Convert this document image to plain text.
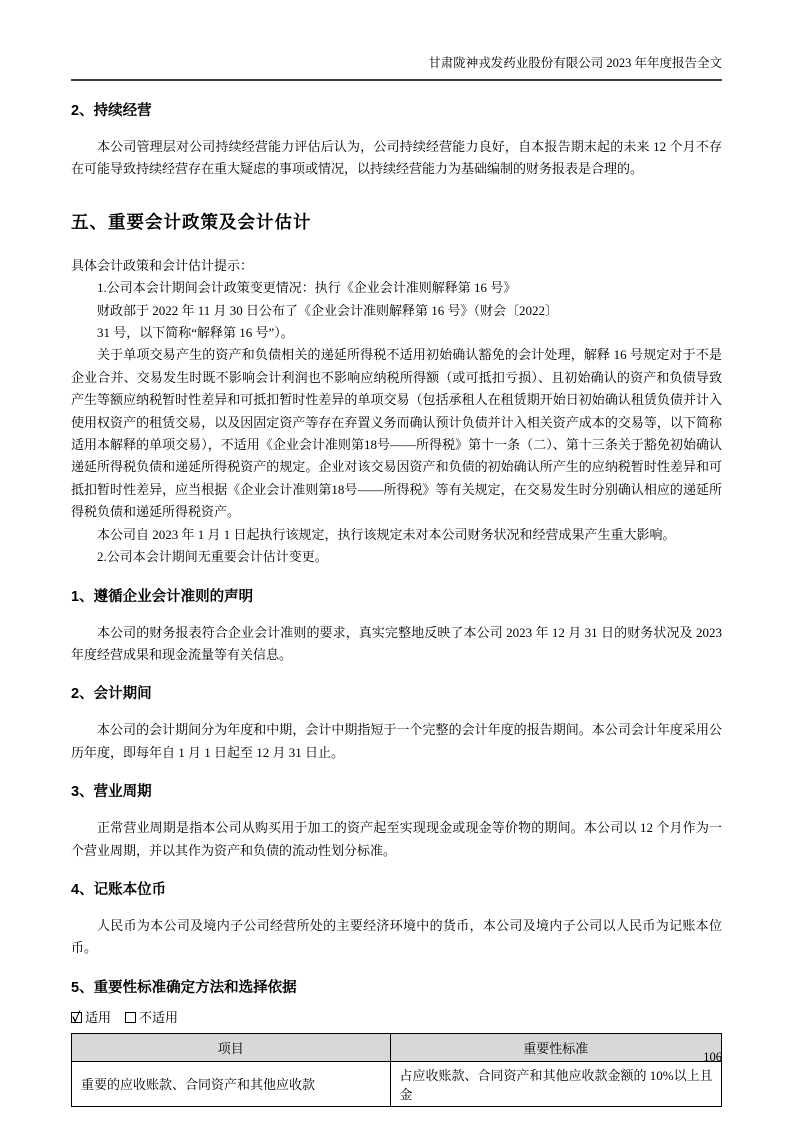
甘肃陇神戎发药业股份有限公司 2023 年年度报告全文
2、持续经营

本公司管理层对公司持续经营能力评估后认为，公司持续经营能力良好，自本报告期末起的未来 12 个月不存在可能导致持续经营存在重大疑虑的事项或情况，以持续经营能力为基础编制的财务报表是合理的。

五、重要会计政策及会计估计

具体会计政策和会计估计提示：

1.公司本会计期间会计政策变更情况：执行《企业会计准则解释第 16 号》

财政部于 2022 年 11 月 30 日公布了《企业会计准则解释第 16 号》（财会〔2022〕

31 号，以下简称“解释第 16 号”）。

关于单项交易产生的资产和负债相关的递延所得税不适用初始确认豁免的会计处理，解释 16 号规定对于不是企业合并、交易发生时既不影响会计利润也不影响应纳税所得额（或可抵扣亏损）、且初始确认的资产和负债导致产生等额应纳税暂时性差异和可抵扣暂时性差异的单项交易（包括承租人在租赁期开始日初始确认租赁负债并计入使用权资产的租赁交易，以及因固定资产等存在弃置义务而确认预计负债并计入相关资产成本的交易等，以下简称适用本解释的单项交易），不适用《企业会计准则第18号——所得税》第十一条（二）、第十三条关于豁免初始确认递延所得税负债和递延所得税资产的规定。企业对该交易因资产和负债的初始确认所产生的应纳税暂时性差异和可抵扣暂时性差异，应当根据《企业会计准则第18号——所得税》等有关规定，在交易发生时分别确认相应的递延所得税负债和递延所得税资产。

本公司自 2023 年 1 月 1 日起执行该规定，执行该规定未对本公司财务状况和经营成果产生重大影响。

2.公司本会计期间无重要会计估计变更。

1、遵循企业会计准则的声明

本公司的财务报表符合企业会计准则的要求，真实完整地反映了本公司 2023 年 12 月 31 日的财务状况及 2023 年度经营成果和现金流量等有关信息。

2、会计期间

本公司的会计期间分为年度和中期，会计中期指短于一个完整的会计年度的报告期间。本公司会计年度采用公历年度，即每年自 1 月 1 日起至 12 月 31 日止。

3、营业周期

正常营业周期是指本公司从购买用于加工的资产起至实现现金或现金等价物的期间。本公司以 12 个月作为一个营业周期，并以其作为资产和负债的流动性划分标准。

4、记账本位币

人民币为本公司及境内子公司经营所处的主要经济环境中的货币，本公司及境内子公司以人民币为记账本位币。

5、重要性标准确定方法和选择依据
✓
适用 不适用
项目	重要性标准
重要的应收账款、合同资产和其他应收款	占应收账款、合同资产和其他应收款金额的 10%以上且金
106
